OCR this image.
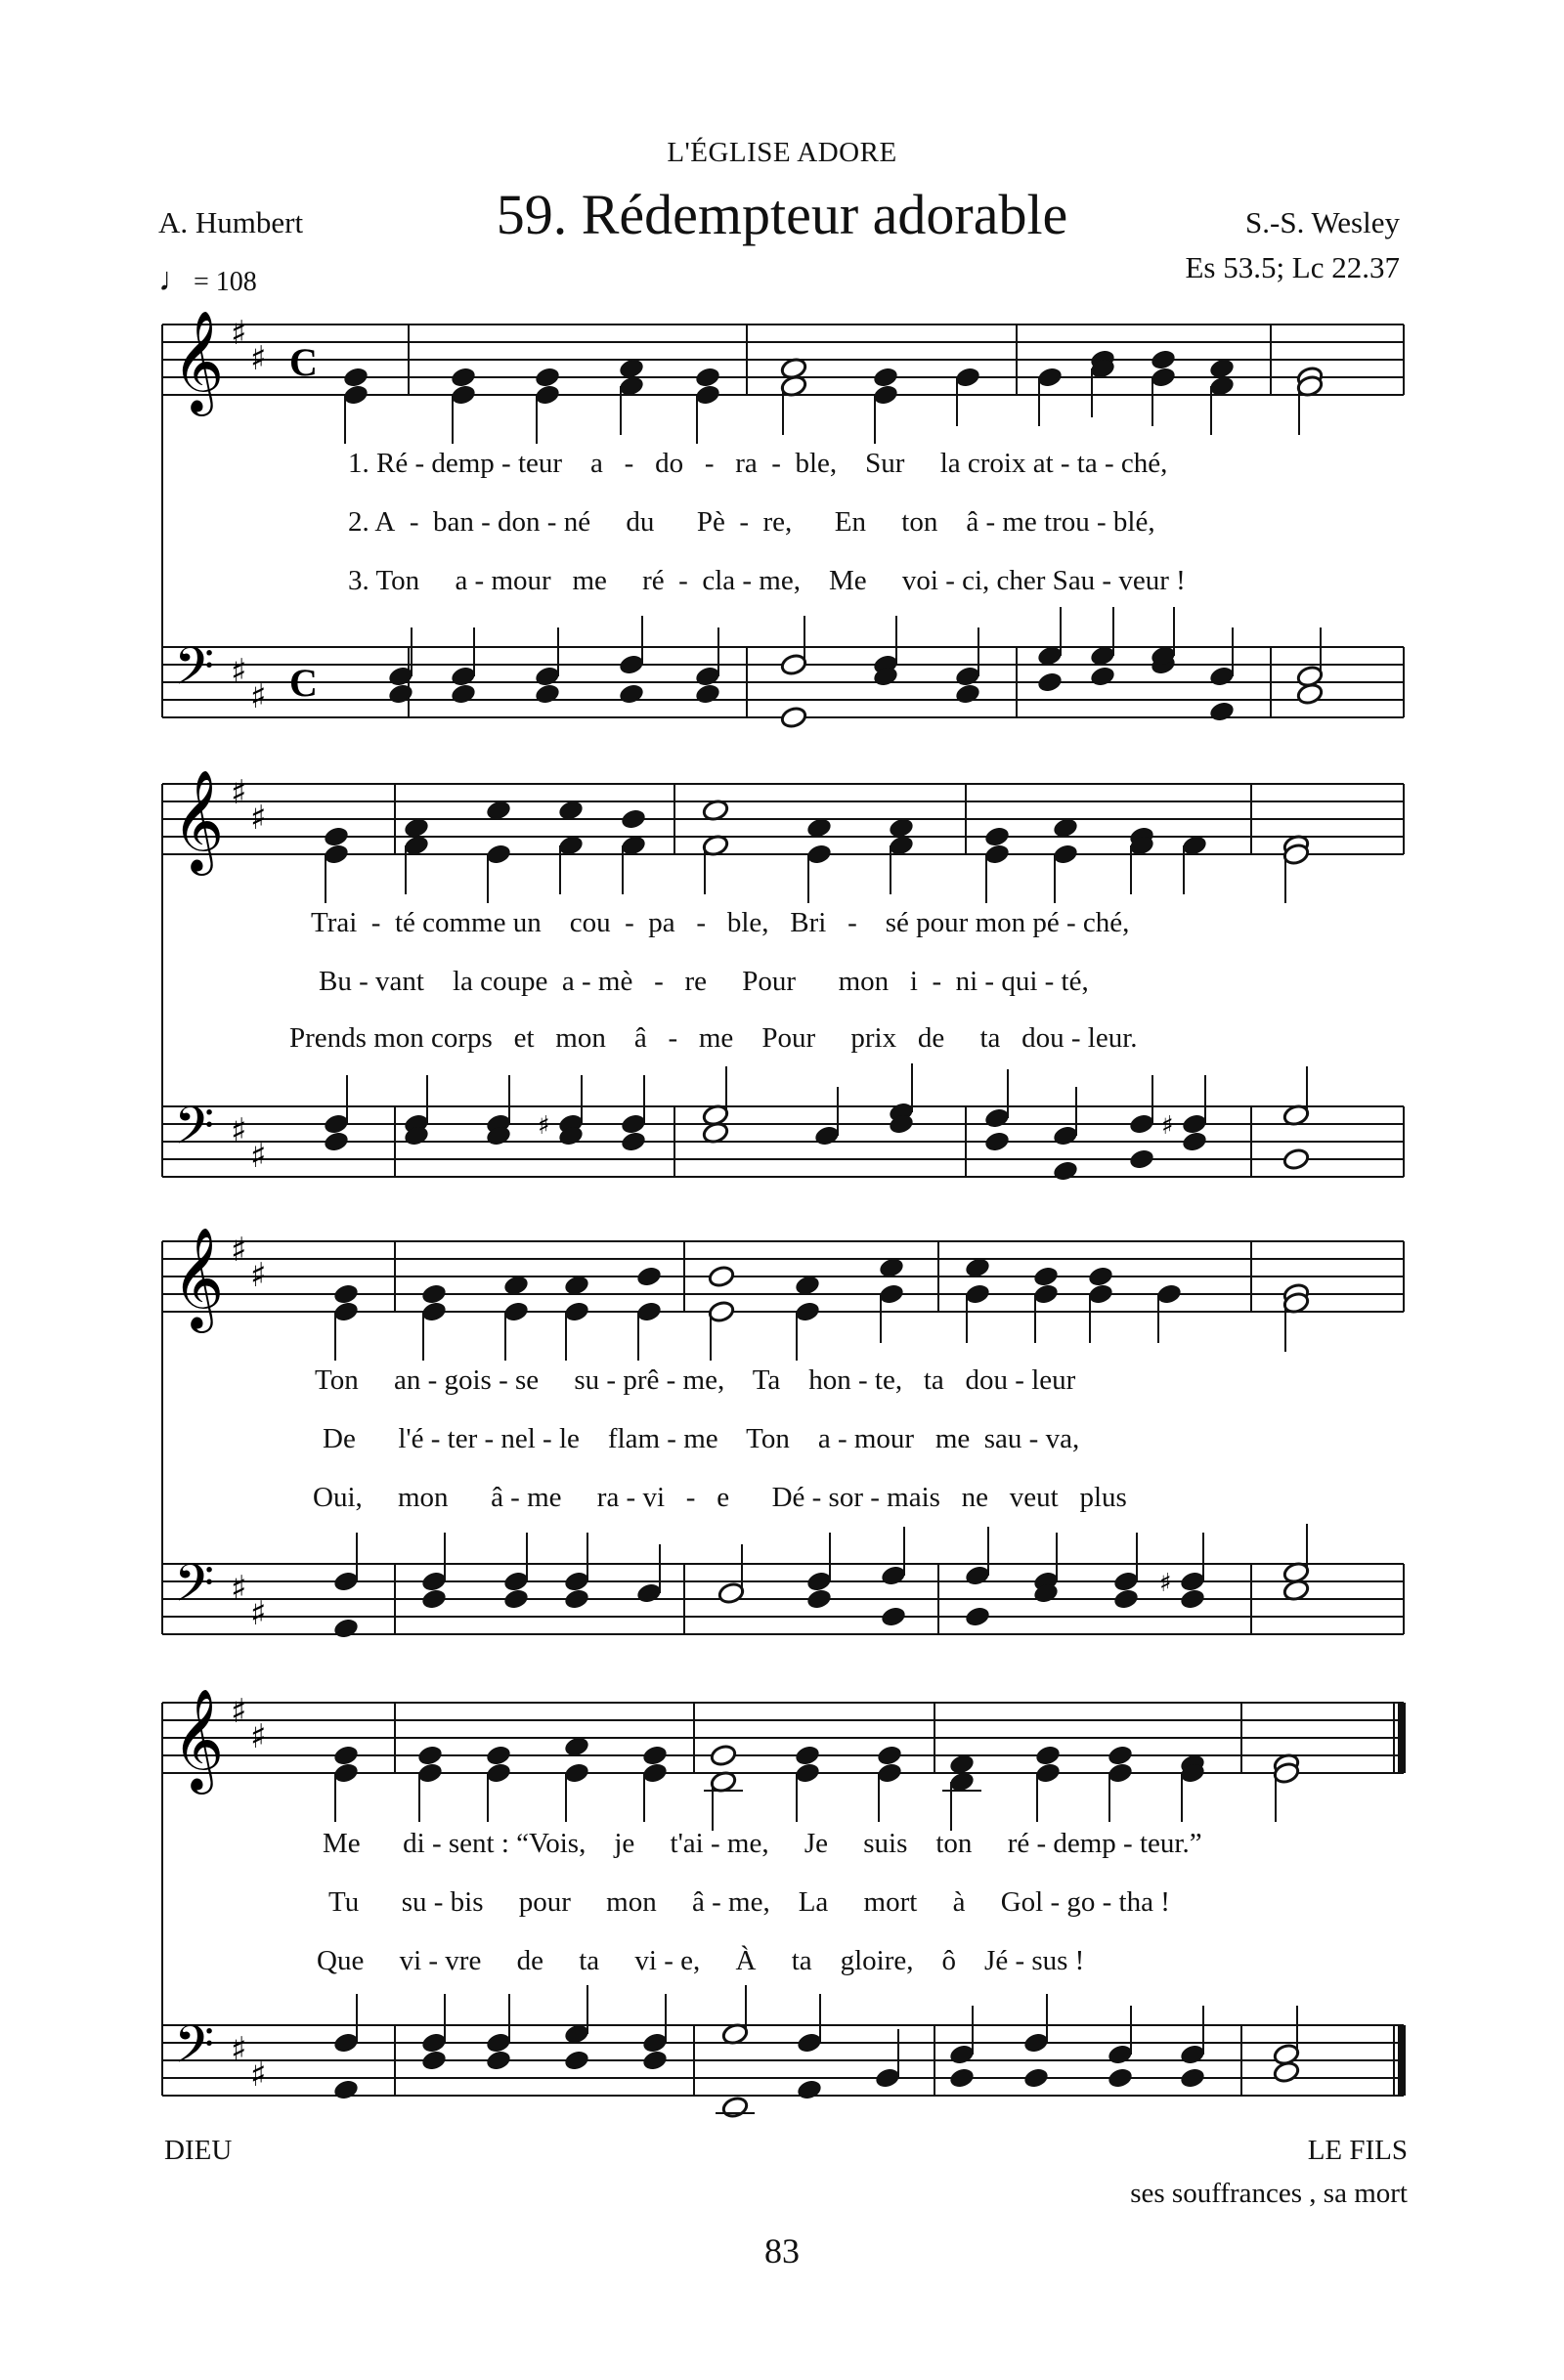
L'ÉGLISE ADORE
59. Rédempteur adorable
A. Humbert	S.-S. Wesley
♩= 108	Es 53.5; Lc 22.37
𝄞
𝄢
♯
♯
♯
♯
C
C
1. Ré - demp - teur a - do - ra - ble, Sur la croix at - ta - ché,
2. A - ban - don - né du Pè - re, En ton â - me trou - blé,
3. Ton a - mour me ré - cla - me, Me voi - ci, cher Sau - veur !
𝄞
𝄢
♯
♯
♯
♯
♯	♯
Trai - té comme un cou - pa - ble, Bri - sé pour mon pé - ché,
Bu - vant la coupe a - mè - re Pour mon i - ni - qui - té,
Prends mon corps et mon â - me Pour prix de ta dou - leur.
𝄞
𝄢
♯
♯
♯
♯
♯
Ton an - gois - se su - prê - me, Ta hon - te, ta dou - leur
De l'é - ter - nel - le flam - me Ton a - mour me sau - va,
Oui, mon â - me ra - vi - e Dé - sor - mais ne veut plus
𝄞
𝄢
♯
♯
♯
♯
Me di - sent : “Vois, je t'ai - me, Je suis ton ré - demp - teur.”
Tu su - bis pour mon â - me, La mort à Gol - go - tha !
Que vi - vre de ta vi - e, À ta gloire, ô Jé - sus !
DIEU	LE FILS
ses souffrances , sa mort
83
